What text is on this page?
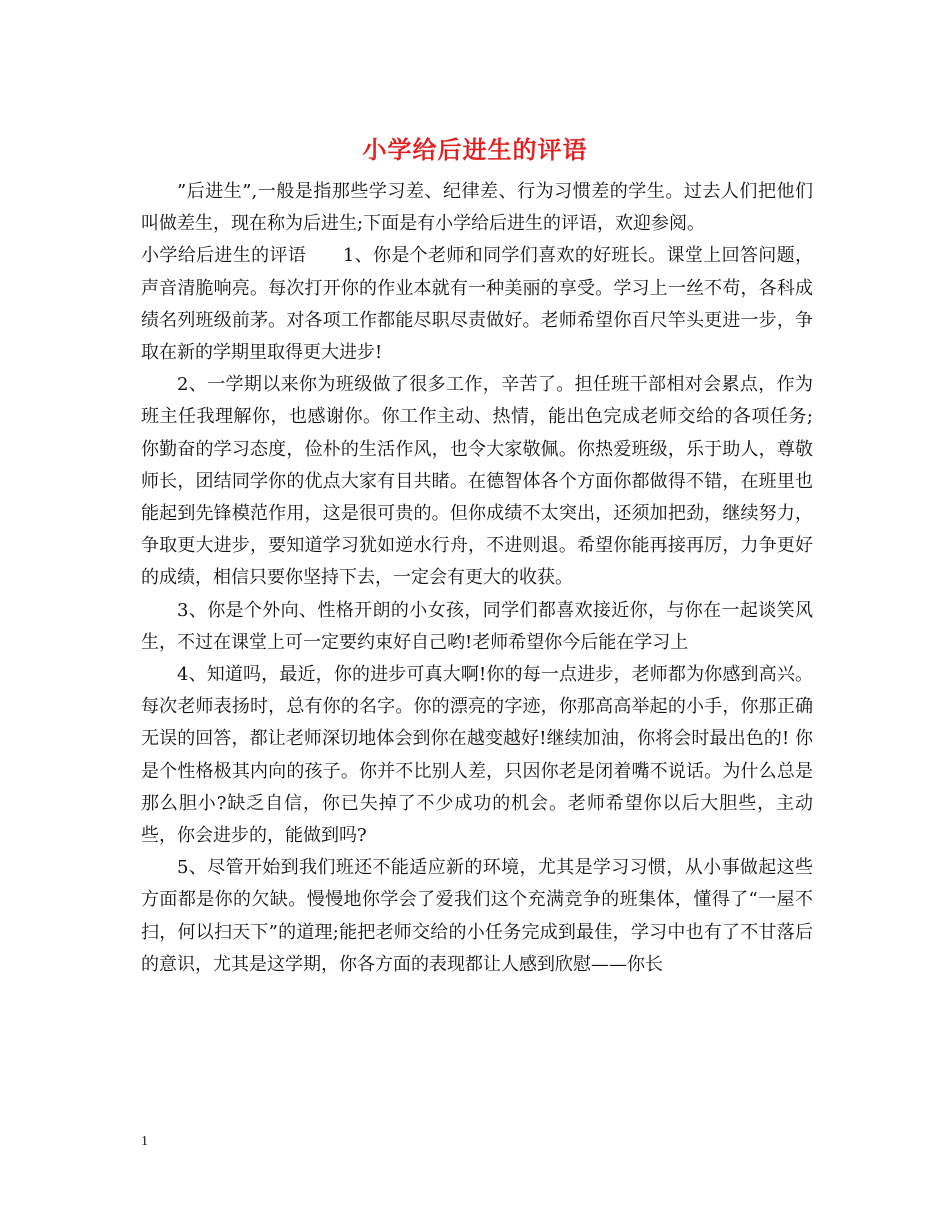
小学给后进生的评语

”后进生”,一般是指那些学习差、纪律差、行为习惯差的学生。过去人们把他们叫做差生，现在称为后进生;下面是有小学给后进生的评语，欢迎参阅。

小学给后进生的评语　　1、你是个老师和同学们喜欢的好班长。课堂上回答问题，声音清脆响亮。每次打开你的作业本就有一种美丽的享受。学习上一丝不苟，各科成绩名列班级前茅。对各项工作都能尽职尽责做好。老师希望你百尺竿头更进一步，争取在新的学期里取得更大进步!

2、一学期以来你为班级做了很多工作，辛苦了。担任班干部相对会累点，作为班主任我理解你，也感谢你。你工作主动、热情，能出色完成老师交给的各项任务;你勤奋的学习态度，俭朴的生活作风，也令大家敬佩。你热爱班级，乐于助人，尊敬师长，团结同学你的优点大家有目共睹。在德智体各个方面你都做得不错，在班里也能起到先锋模范作用，这是很可贵的。但你成绩不太突出，还须加把劲，继续努力，争取更大进步，要知道学习犹如逆水行舟，不进则退。希望你能再接再厉，力争更好的成绩，相信只要你坚持下去，一定会有更大的收获。

3、你是个外向、性格开朗的小女孩，同学们都喜欢接近你，与你在一起谈笑风生，不过在课堂上可一定要约束好自己哟!老师希望你今后能在学习上

4、知道吗，最近，你的进步可真大啊!你的每一点进步，老师都为你感到高兴。每次老师表扬时，总有你的名字。你的漂亮的字迹，你那高高举起的小手，你那正确无误的回答，都让老师深切地体会到你在越变越好!继续加油，你将会时最出色的! 你是个性格极其内向的孩子。你并不比别人差，只因你老是闭着嘴不说话。为什么总是那么胆小?缺乏自信，你已失掉了不少成功的机会。老师希望你以后大胆些，主动些，你会进步的，能做到吗?

5、尽管开始到我们班还不能适应新的环境，尤其是学习习惯，从小事做起这些方面都是你的欠缺。慢慢地你学会了爱我们这个充满竞争的班集体，懂得了“一屋不扫，何以扫天下”的道理;能把老师交给的小任务完成到最佳，学习中也有了不甘落后的意识，尤其是这学期，你各方面的表现都让人感到欣慰——你长

1
